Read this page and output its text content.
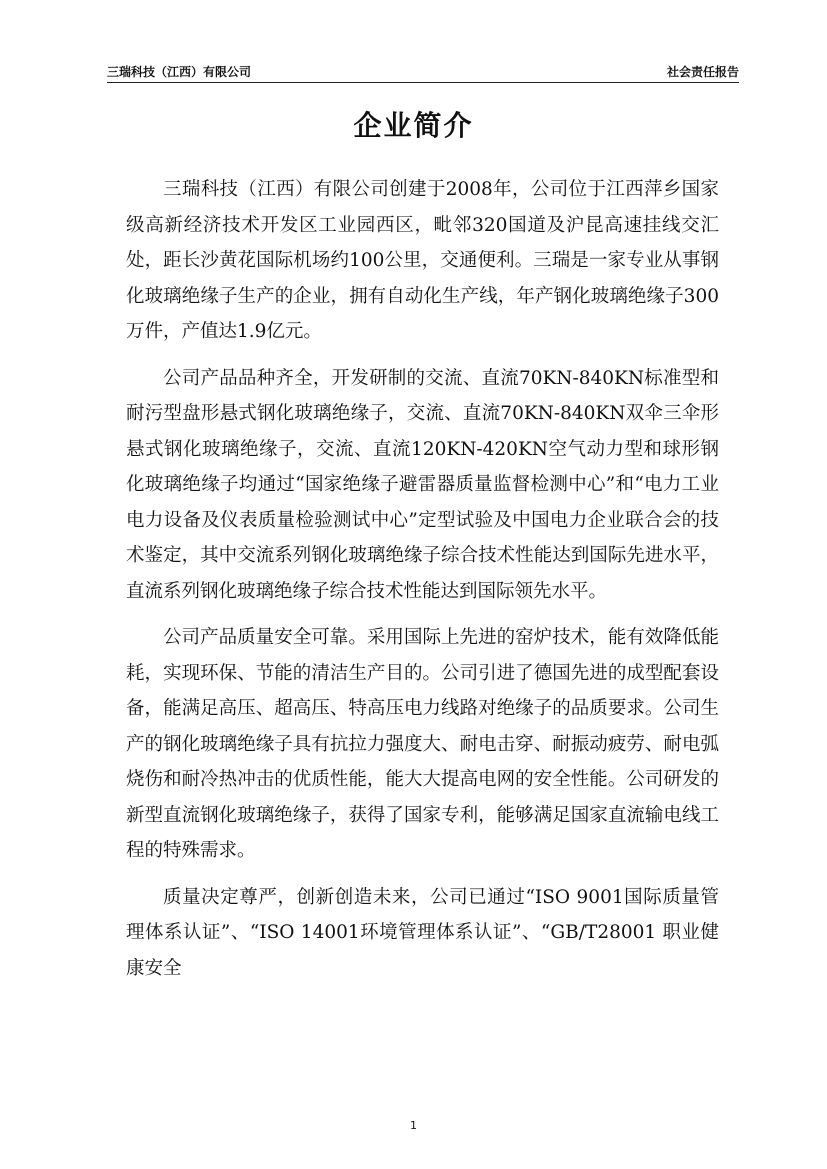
三瑞科技（江西）有限公司	社会责任报告
企业简介

三瑞科技（江西）有限公司创建于2008年，公司位于江西萍乡国家级高新经济技术开发区工业园西区，毗邻320国道及沪昆高速挂线交汇处，距长沙黄花国际机场约100公里，交通便利。三瑞是一家专业从事钢化玻璃绝缘子生产的企业，拥有自动化生产线，年产钢化玻璃绝缘子300万件，产值达1.9亿元。

公司产品品种齐全，开发研制的交流、直流70KN-840KN标准型和耐污型盘形悬式钢化玻璃绝缘子，交流、直流70KN-840KN双伞三伞形悬式钢化玻璃绝缘子，交流、直流120KN-420KN空气动力型和球形钢化玻璃绝缘子均通过“国家绝缘子避雷器质量监督检测中心”和“电力工业电力设备及仪表质量检验测试中心”定型试验及中国电力企业联合会的技术鉴定，其中交流系列钢化玻璃绝缘子综合技术性能达到国际先进水平，直流系列钢化玻璃绝缘子综合技术性能达到国际领先水平。

公司产品质量安全可靠。采用国际上先进的窑炉技术，能有效降低能耗，实现环保、节能的清洁生产目的。公司引进了德国先进的成型配套设备，能满足高压、超高压、特高压电力线路对绝缘子的品质要求。公司生产的钢化玻璃绝缘子具有抗拉力强度大、耐电击穿、耐振动疲劳、耐电弧烧伤和耐冷热冲击的优质性能，能大大提高电网的安全性能。公司研发的新型直流钢化玻璃绝缘子，获得了国家专利，能够满足国家直流输电线工程的特殊需求。

质量决定尊严，创新创造未来，公司已通过“ISO 9001国际质量管理体系认证”、“ISO 14001环境管理体系认证”、“GB/T28001 职业健康安全

1
